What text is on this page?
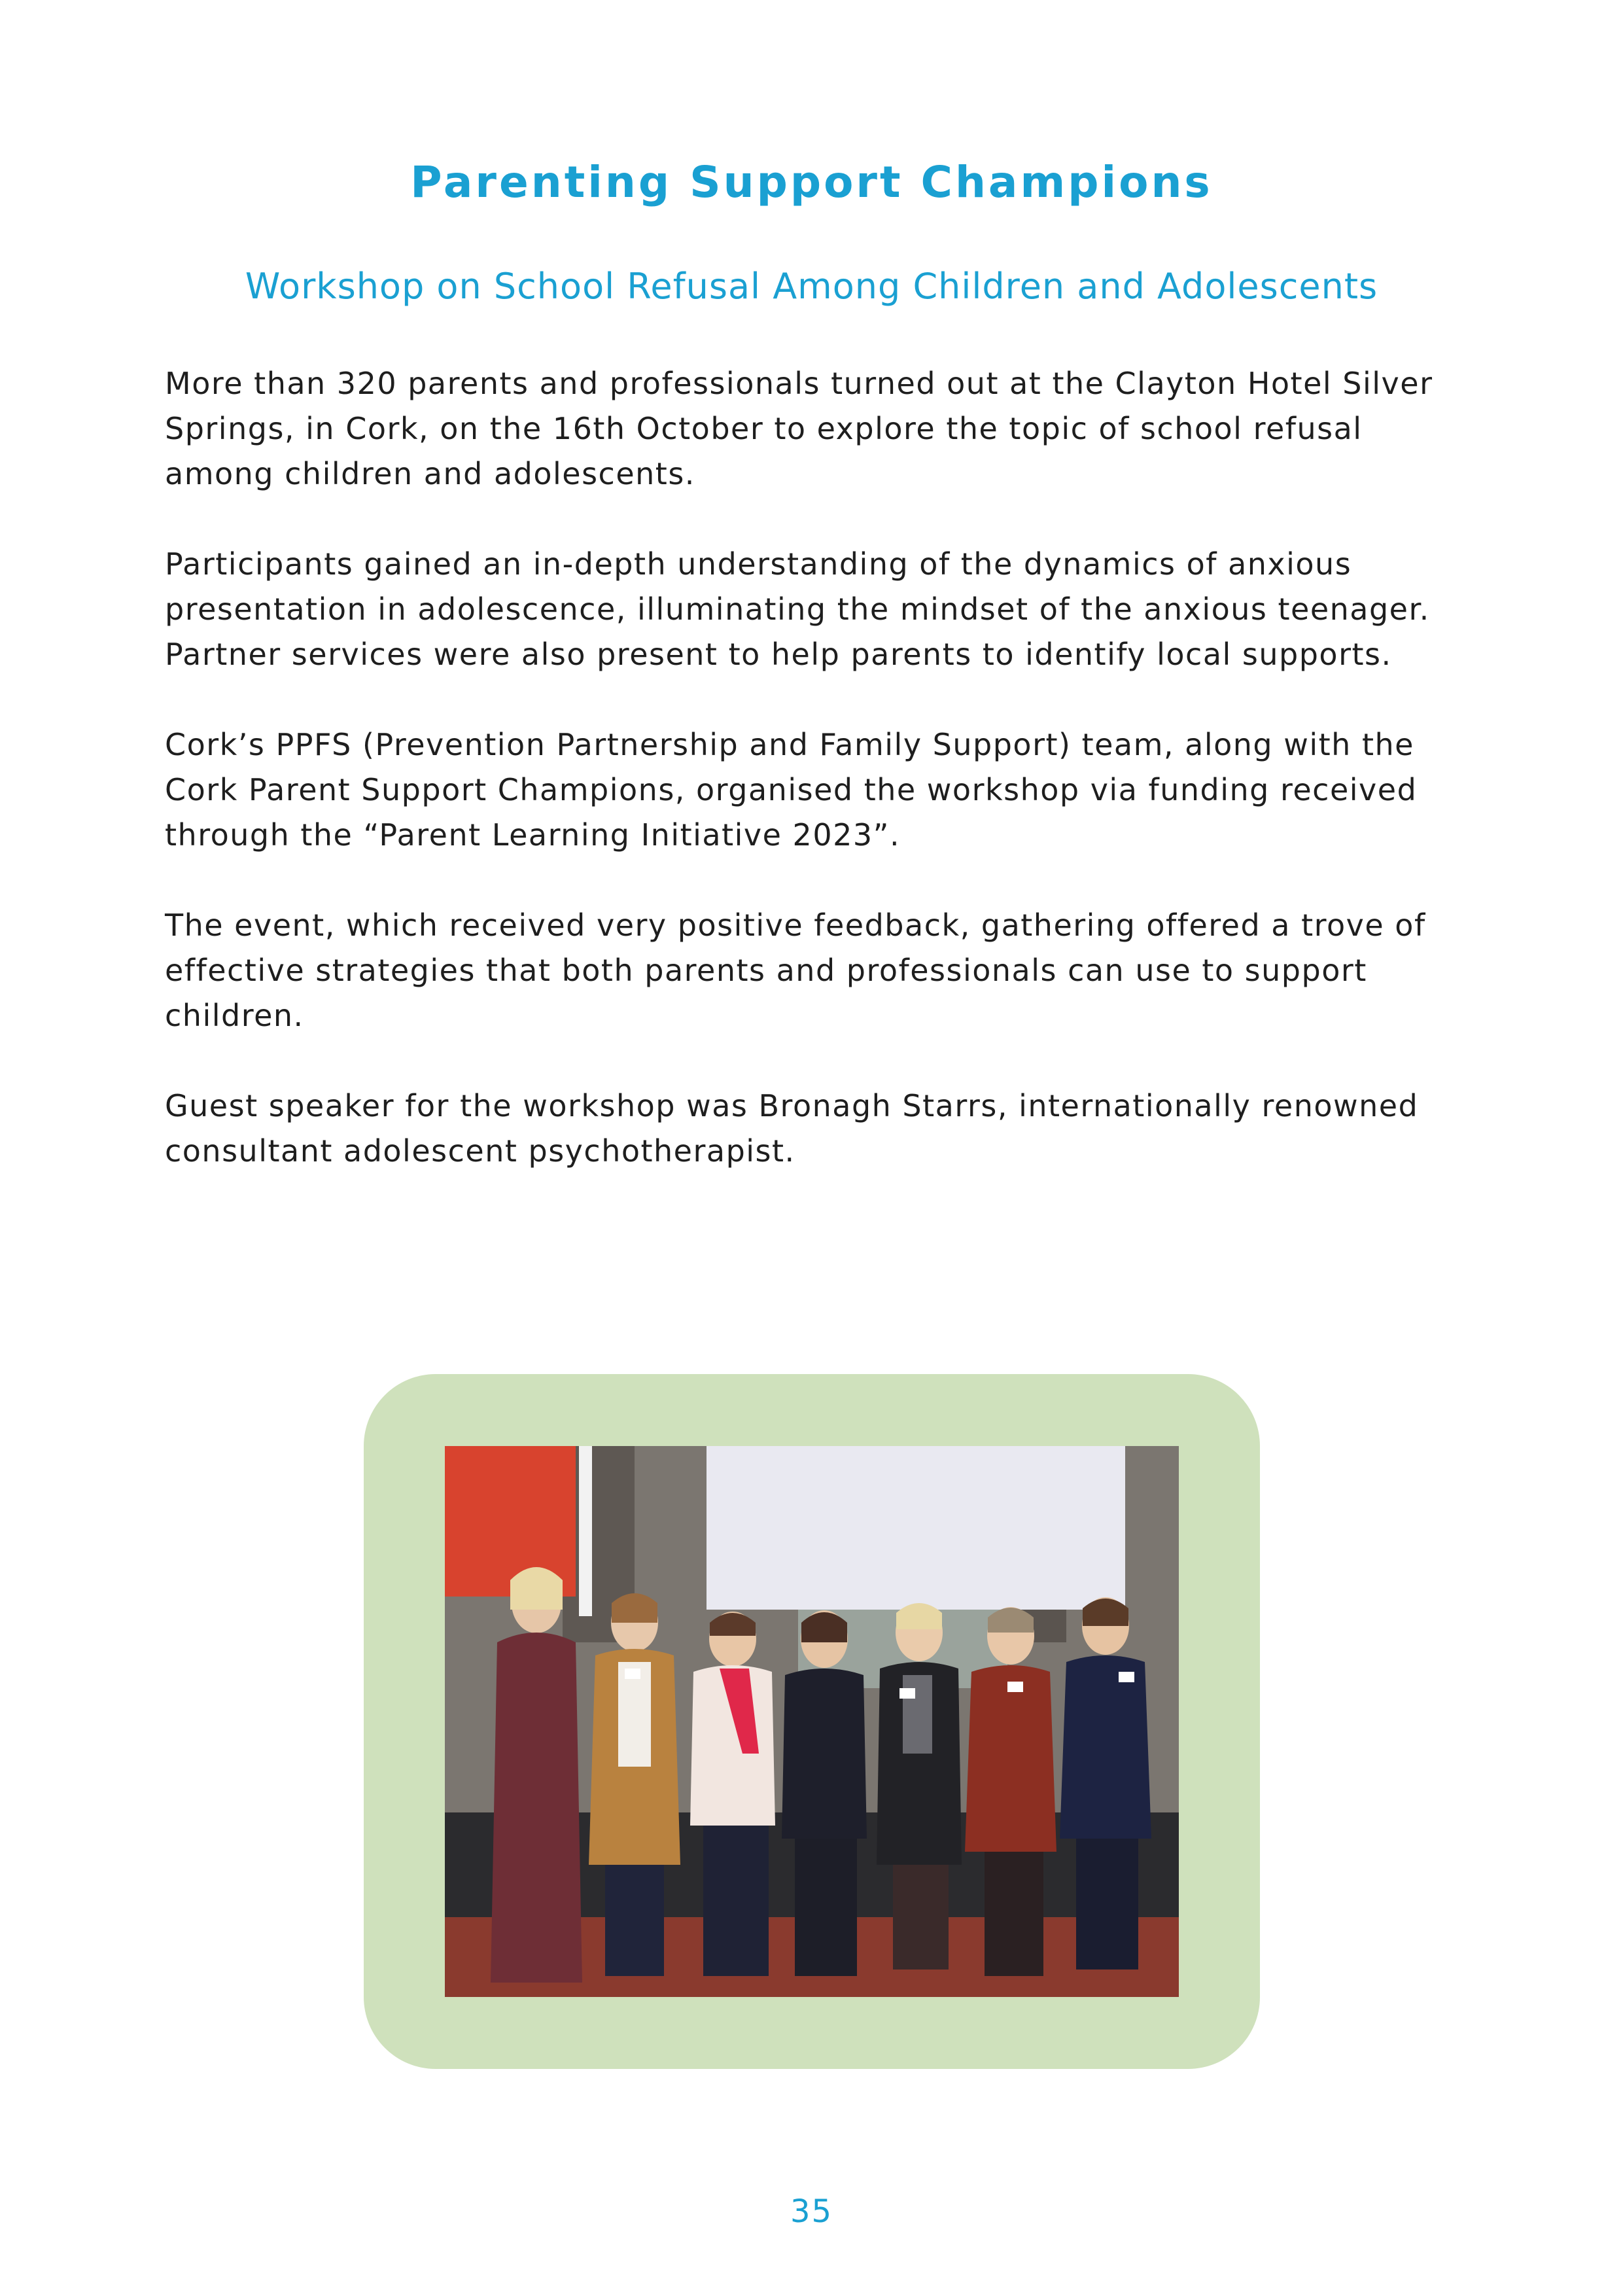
Parenting Support Champions
Workshop on School Refusal Among Children and Adolescents

More than 320 parents and professionals turned out at the Clayton Hotel Silver
Springs, in Cork, on the 16th October to explore the topic of school refusal
among children and adolescents.

Participants gained an in-depth understanding of the dynamics of anxious
presentation in adolescence, illuminating the mindset of the anxious teenager.
Partner services were also present to help parents to identify local supports.

Cork’s PPFS (Prevention Partnership and Family Support) team, along with the
Cork Parent Support Champions, organised the workshop via funding received
through the “Parent Learning Initiative 2023”.

The event, which received very positive feedback, gathering offered a trove of
effective strategies that both parents and professionals can use to support
children.

Guest speaker for the workshop was Bronagh Starrs, internationally renowned
consultant adolescent psychotherapist.

35
